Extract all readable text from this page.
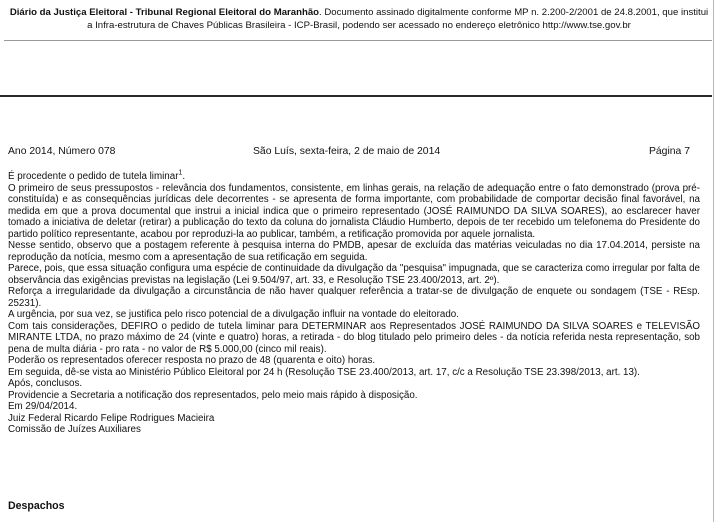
Diário da Justiça Eleitoral - Tribunal Regional Eleitoral do Maranhão. Documento assinado digitalmente conforme MP n. 2.200-2/2001 de 24.8.2001, que institui
a Infra-estrutura de Chaves Públicas Brasileira - ICP-Brasil, podendo ser acessado no endereço eletrônico http://www.tse.gov.br
Ano 2014, Número 078	São Luís, sexta-feira, 2 de maio de 2014	Página 7

É procedente o pedido de tutela liminar$^1$.

O primeiro de seus pressupostos - relevância dos fundamentos, consistente, em linhas gerais, na relação de adequação entre o fato demonstrado (prova pré-constituída) e as consequências jurídicas dele decorrentes - se apresenta de forma importante, com probabilidade de comportar decisão final favorável, na medida em que a prova documental que instrui a inicial indica que o primeiro representado (JOSÉ RAIMUNDO DA SILVA SOARES), ao esclarecer haver tomado a iniciativa de deletar (retirar) a publicação do texto da coluna do jornalista Cláudio Humberto, depois de ter recebido um telefonema do Presidente do partido político representante, acabou por reproduzi-la ao publicar, também, a retificação promovida por aquele jornalista.

Nesse sentido, observo que a postagem referente à pesquisa interna do PMDB, apesar de excluída das matérias veiculadas no dia 17.04.2014, persiste na reprodução da notícia, mesmo com a apresentação de sua retificação em seguida.

Parece, pois, que essa situação configura uma espécie de continuidade da divulgação da "pesquisa" impugnada, que se caracteriza como irregular por falta de observância das exigências previstas na legislação (Lei 9.504/97, art. 33, e Resolução TSE 23.400/2013, art. 2º).

Reforça a irregularidade da divulgação a circunstância de não haver qualquer referência a tratar-se de divulgação de enquete ou sondagem (TSE - REsp. 25231).

A urgência, por sua vez, se justifica pelo risco potencial de a divulgação influir na vontade do eleitorado.

Com tais considerações, DEFIRO o pedido de tutela liminar para DETERMINAR aos Representados JOSÉ RAIMUNDO DA SILVA SOARES e TELEVISÃO MIRANTE LTDA, no prazo máximo de 24 (vinte e quatro) horas, a retirada - do blog titulado pelo primeiro deles - da notícia referida nesta representação, sob pena de multa diária - pro rata - no valor de R$ 5.000,00 (cinco mil reais).

Poderão os representados oferecer resposta no prazo de 48 (quarenta e oito) horas.

Em seguida, dê-se vista ao Ministério Público Eleitoral por 24 h (Resolução TSE 23.400/2013, art. 17, c/c a Resolução TSE 23.398/2013, art. 13).

Após, conclusos.

Providencie a Secretaria a notificação dos representados, pelo meio mais rápido à disposição.

Em 29/04/2014.

Juiz Federal Ricardo Felipe Rodrigues Macieira

Comissão de Juízes Auxiliares

Despachos
